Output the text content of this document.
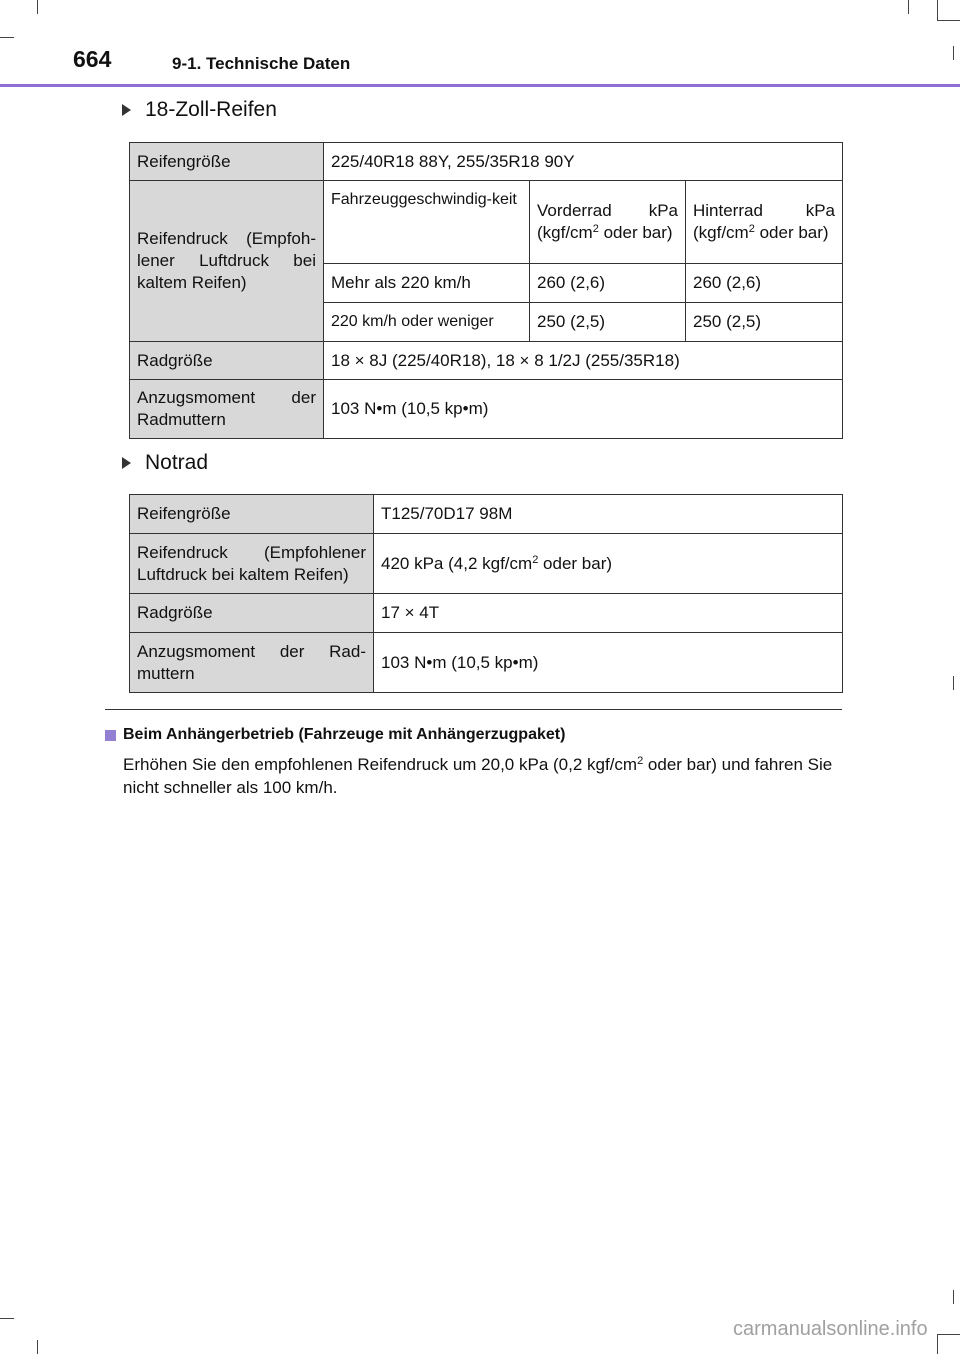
664	9-1. Technische Daten
18-Zoll-Reifen
Reifengröße	225/40R18 88Y, 255/35R18 90Y		
Reifendruck (Empfoh-lener Luftdruck bei kaltem Reifen)	Fahrzeuggeschwindig-keit	Vorderrad kPa ($kgf/cm^2$ oder bar)	Hinterrad kPa ($kgf/cm^2$ oder bar)
	Mehr als 220 km/h	260 (2,6)	260 (2,6)
	220 km/h oder weniger	250 (2,5)	250 (2,5)
Radgröße	18 × 8J (225/40R18), 18 × 8 1/2J (255/35R18)		
Anzugsmoment der Radmuttern	103 N•m (10,5 kp•m)		
Notrad
Reifengröße	T125/70D17 98M
Reifendruck (Empfohlener Luftdruck bei kaltem Reifen)	420 kPa (4,2 kgf/$cm^2$ oder bar)
Radgröße	17 × 4T
Anzugsmoment der Rad-muttern	103 N•m (10,5 kp•m)
Beim Anhängerbetrieb (Fahrzeuge mit Anhängerzugpaket)
Erhöhen Sie den empfohlenen Reifendruck um 20,0 kPa (0,2 kgf/$cm^2$ oder bar) und fahren Sie nicht schneller als 100 km/h.
carmanualsonline.info
